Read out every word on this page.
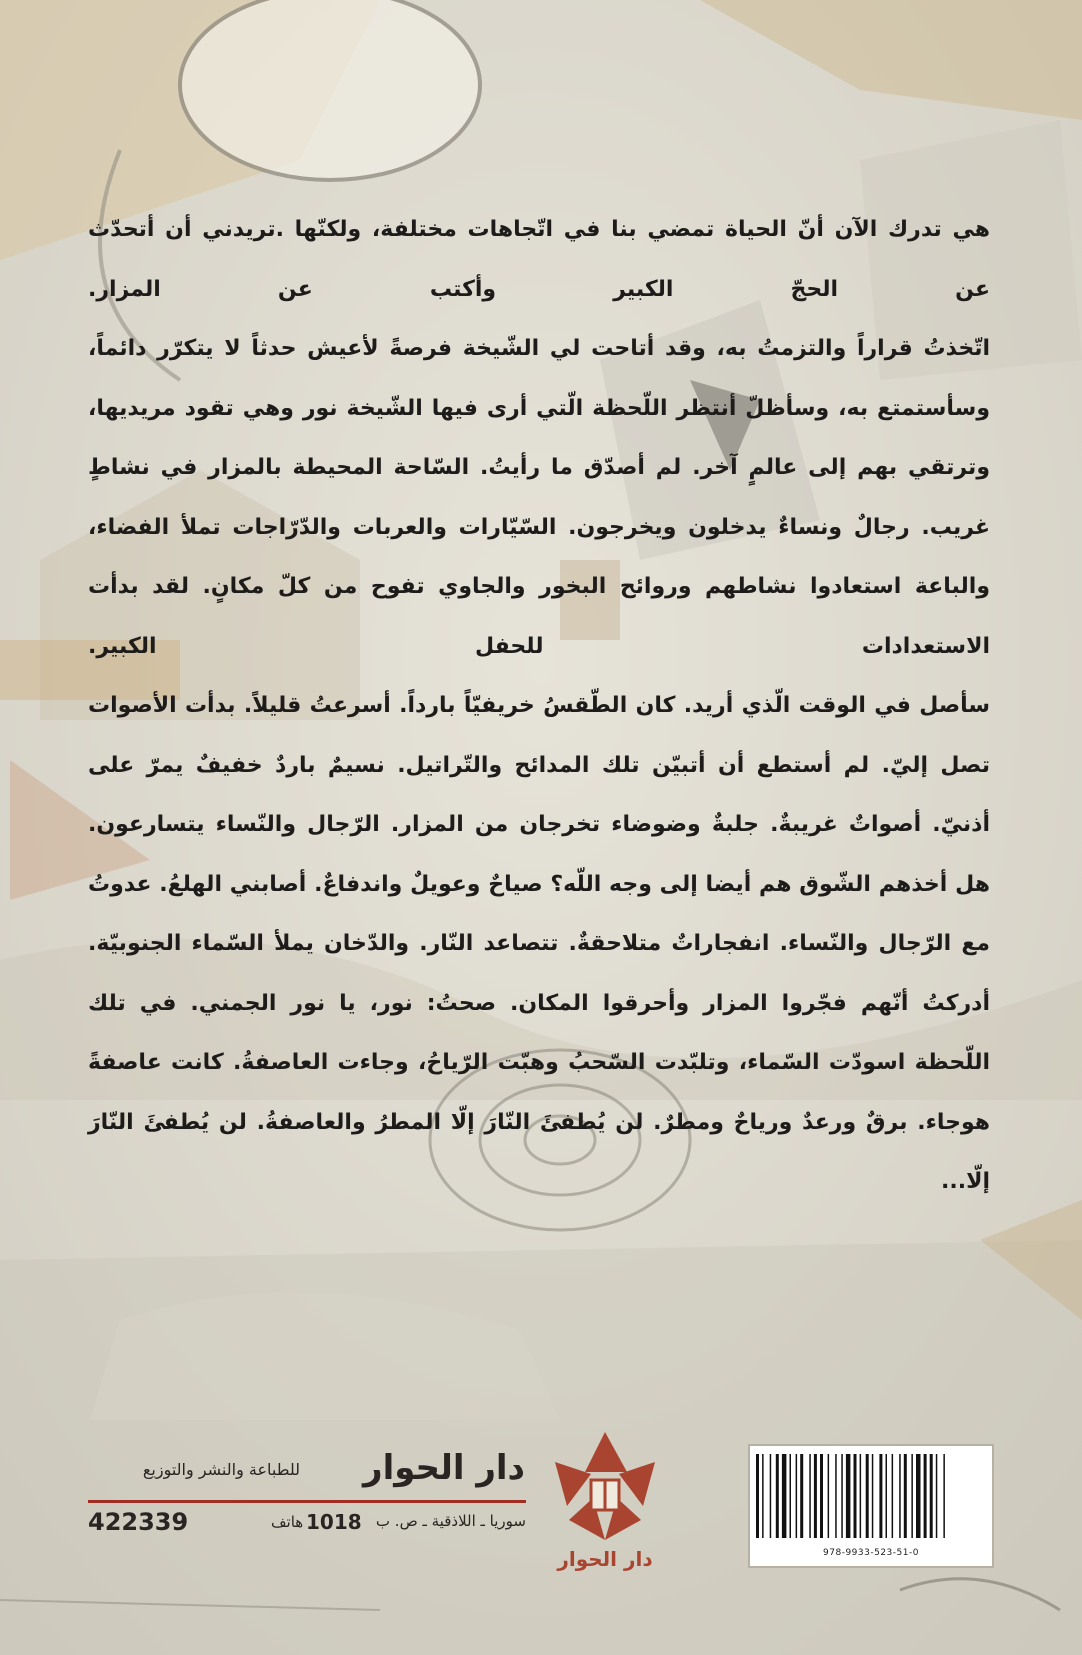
هي تدرك الآن أنّ الحياة تمضي بنا في اتّجاهات مختلفة، ولكنّها .تريدني أن أتحدّث عن الحجّ الكبير وأكتب عن المزار.

اتّخذتُ قراراً والتزمتُ به، وقد أتاحت لي الشّيخة فرصةً لأعيش حدثاً لا يتكرّر دائماً، وسأستمتع به، وسأظلّ أنتظر اللّحظة الّتي أرى فيها الشّيخة نور وهي تقود مريديها، وترتقي بهم إلى عالمٍ آخر. لم أصدّق ما رأيتُ. السّاحة المحيطة بالمزار في نشاطٍ غريب. رجالٌ ونساءٌ يدخلون ويخرجون. السّيّارات والعربات والدّرّاجات تملأ الفضاء، والباعة استعادوا نشاطهم وروائح البخور والجاوي تفوح من كلّ مكانٍ. لقد بدأت الاستعدادات للحفل الكبير.

سأصل في الوقت الّذي أريد. كان الطّقسُ خريفيّاً بارداً. أسرعتُ قليلاً. بدأت الأصوات تصل إليّ. لم أستطع أن أتبيّن تلك المدائح والتّراتيل. نسيمٌ باردٌ خفيفٌ يمرّ على أذنيّ. أصواتٌ غريبةٌ. جلبةٌ وضوضاء تخرجان من المزار. الرّجال والنّساء يتسارعون. هل أخذهم الشّوق هم أيضا إلى وجه اللّه؟ صياحٌ وعويلٌ واندفاعٌ. أصابني الهلعُ. عدوتُ مع الرّجال والنّساء. انفجاراتٌ متلاحقةٌ. تتصاعد النّار. والدّخان يملأ السّماء الجنوبيّة. أدركتُ أنّهم فجّروا المزار وأحرقوا المكان. صحتُ: نور، يا نور الجمني. في تلك اللّحظة اسودّت السّماء، وتلبّدت السّحبُ وهبّت الرّياحُ، وجاءت العاصفةُ. كانت عاصفةً هوجاء. برقٌ ورعدٌ ورياحٌ ومطرٌ. لن يُطفئَ النّارَ إلّا المطرُ والعاصفةُ. لن يُطفئَ النّارَ إلّا...

978-9933-523-51-0
دار الحوار
دار الحوار
للطباعة والنشر والتوزيع
سوريا ـ اللاذقية ـ ص. ب
1018
هاتف
422339
